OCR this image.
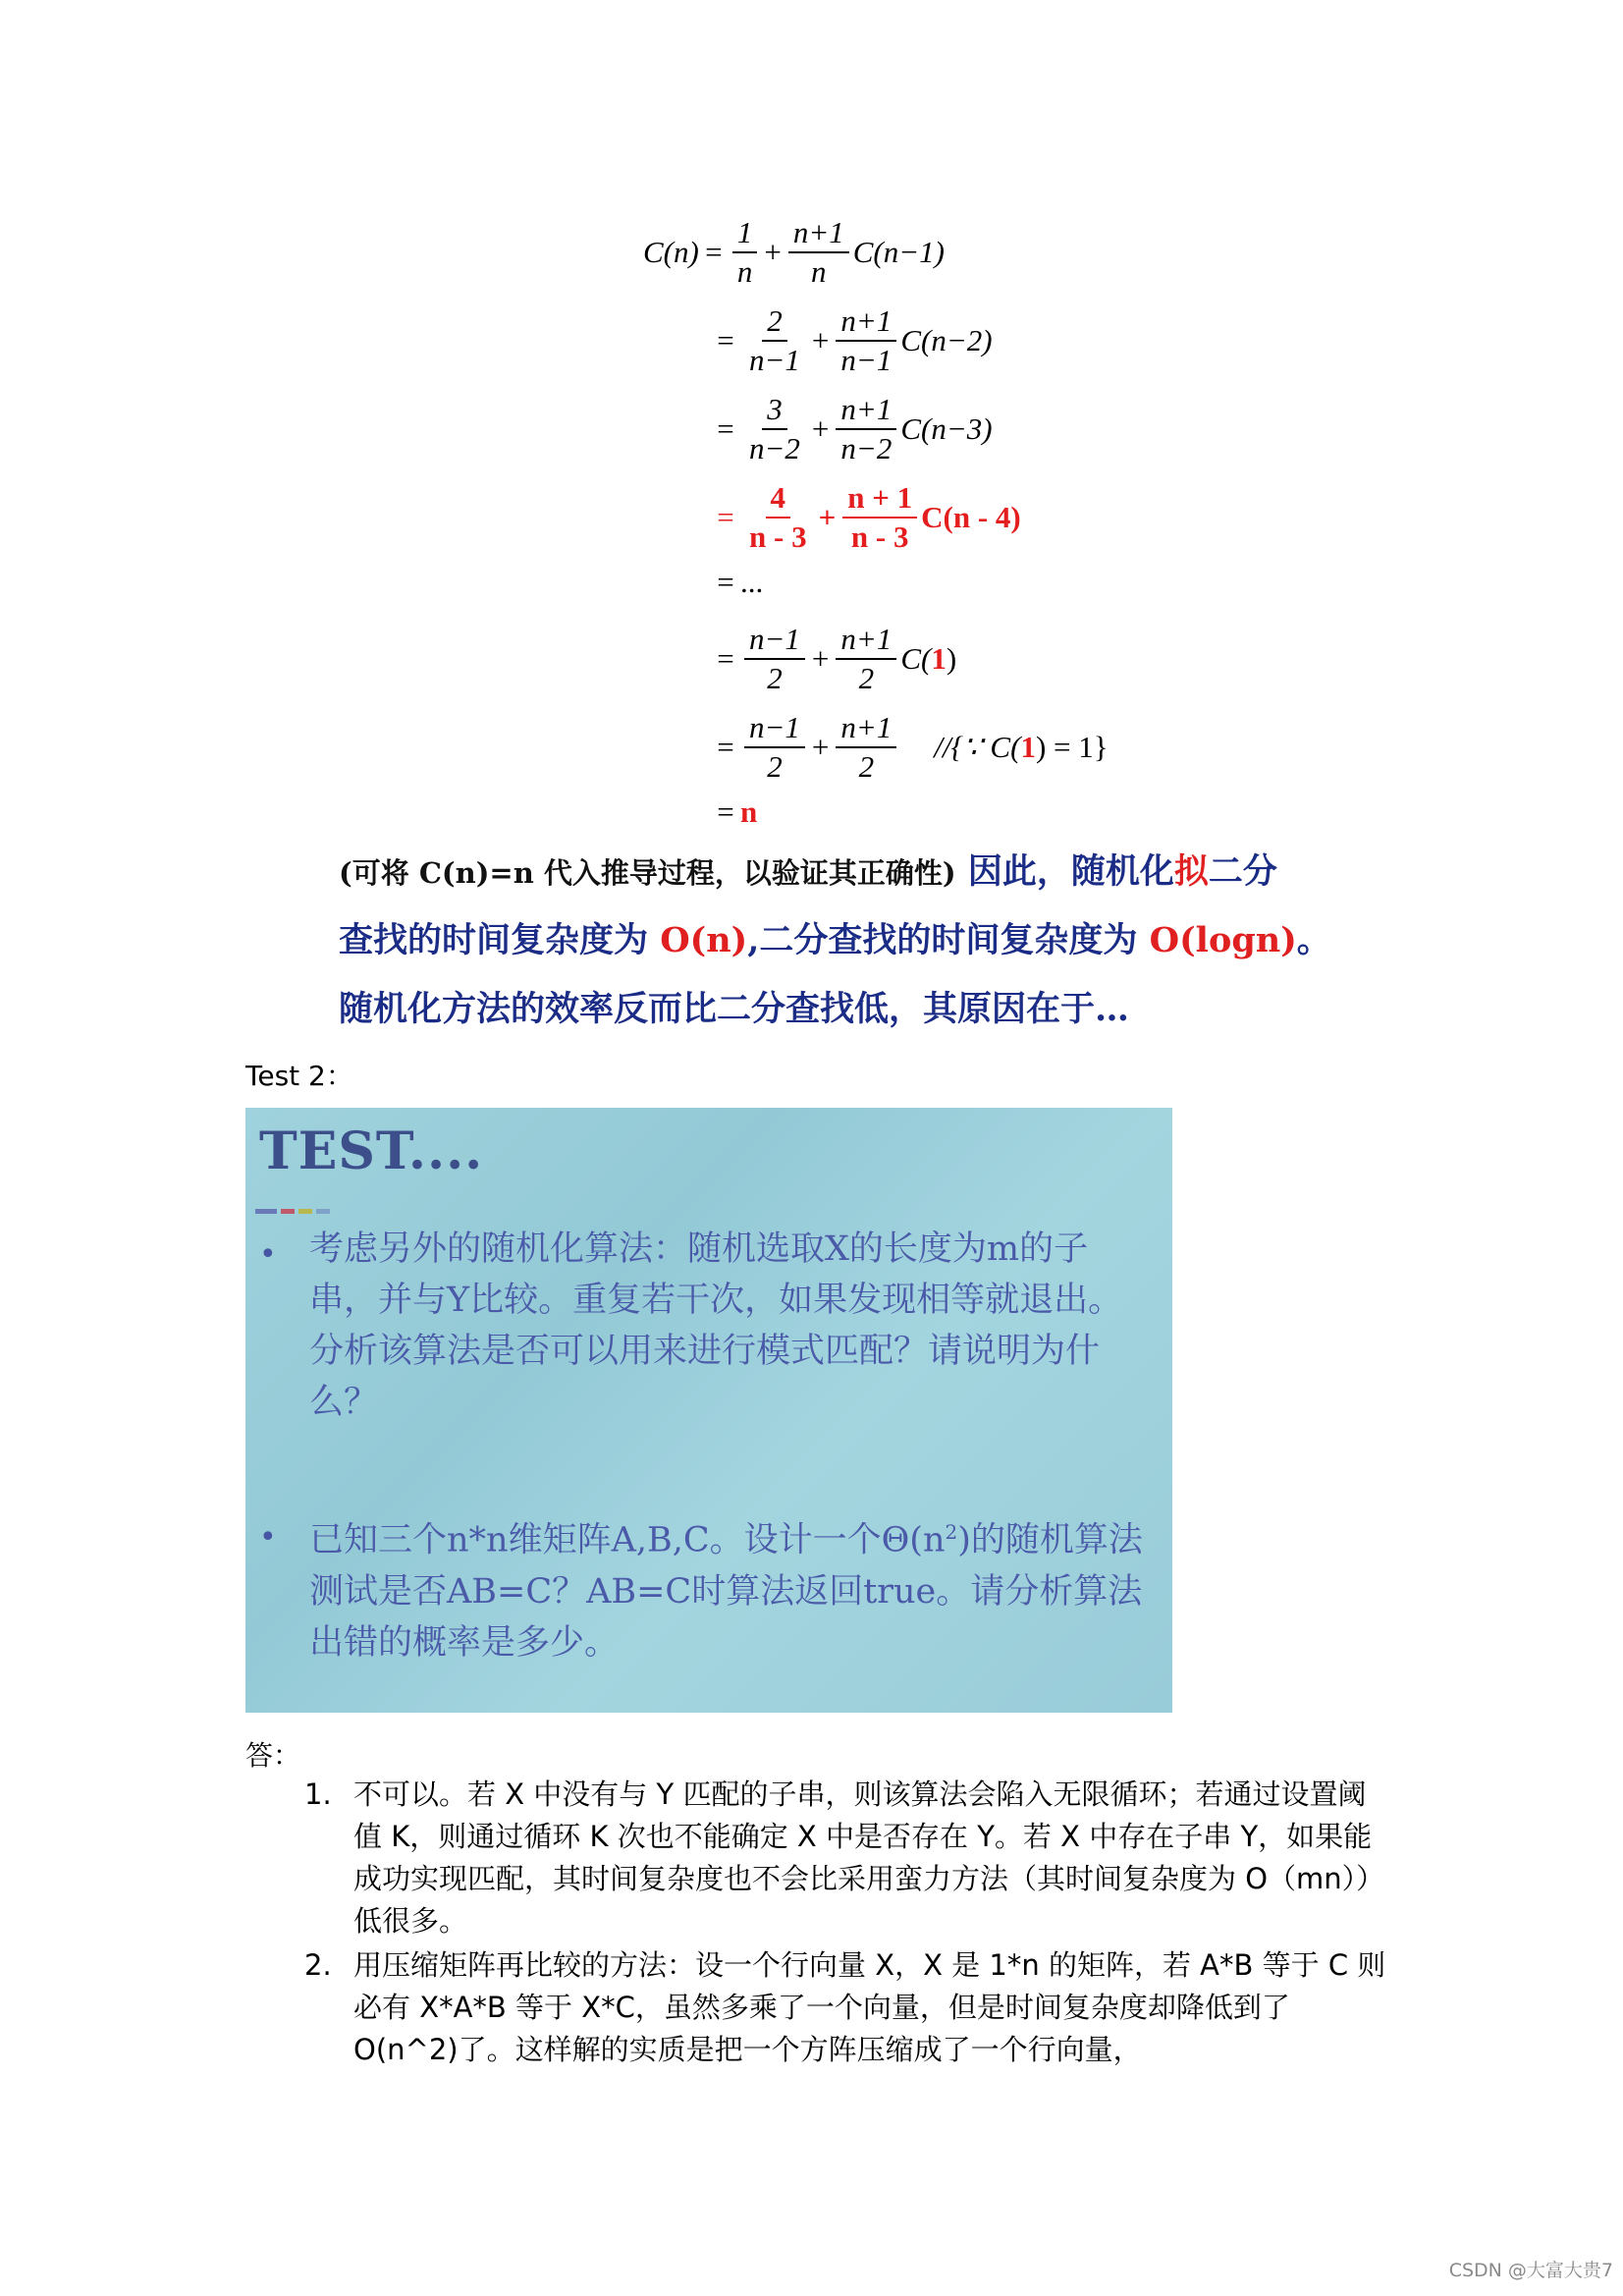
$C(n) = \frac{1}{n} + \frac{n+1}{n} C(n-1)$
= $\frac{2}{n-1} + \frac{n+1}{n-1} C(n-2)$
= $\frac{3}{n-2} + \frac{n+1}{n-2} C(n-3)$
= $\frac{4}{n - 3} + \frac{n + 1}{n - 3} C(n - 4)$
= ...
= $\frac{n-1}{2} + \frac{n+1}{2} C(1)$
= $\frac{n-1}{2} + \frac{n+1}{2}$ //{∵ C(1) = 1}
= n
(可将 C(n)=n 代入推导过程，以验证其正确性) 因此，随机化拟二分
查找的时间复杂度为 O(n),二分查找的时间复杂度为 O(logn)。
随机化方法的效率反而比二分查找低，其原因在于…
Test 2：
TEST....
• 考虑另外的随机化算法：随机选取X的长度为m的子串，并与Y比较。重复若干次，如果发现相等就退出。分析该算法是否可以用来进行模式匹配？请说明为什么？
• 已知三个n*n维矩阵A,B,C。设计一个$\Theta(n^2)$的随机算法测试是否AB=C？AB=C时算法返回true。请分析算法出错的概率是多少。
答：
1. 不可以。若 X 中没有与 Y 匹配的子串，则该算法会陷入无限循环；若通过设置阈值 K，则通过循环 K 次也不能确定 X 中是否存在 Y。若 X 中存在子串 Y，如果能成功实现匹配，其时间复杂度也不会比采用蛮力方法（其时间复杂度为 O（mn））低很多。
2. 用压缩矩阵再比较的方法：设一个行向量 X，X 是 1*n 的矩阵，若 A*B 等于 C 则必有 X*A*B 等于 X*C，虽然多乘了一个向量，但是时间复杂度却降低到了 O(n^2)了。这样解的实质是把一个方阵压缩成了一个行向量，
CSDN @大富大贵7
